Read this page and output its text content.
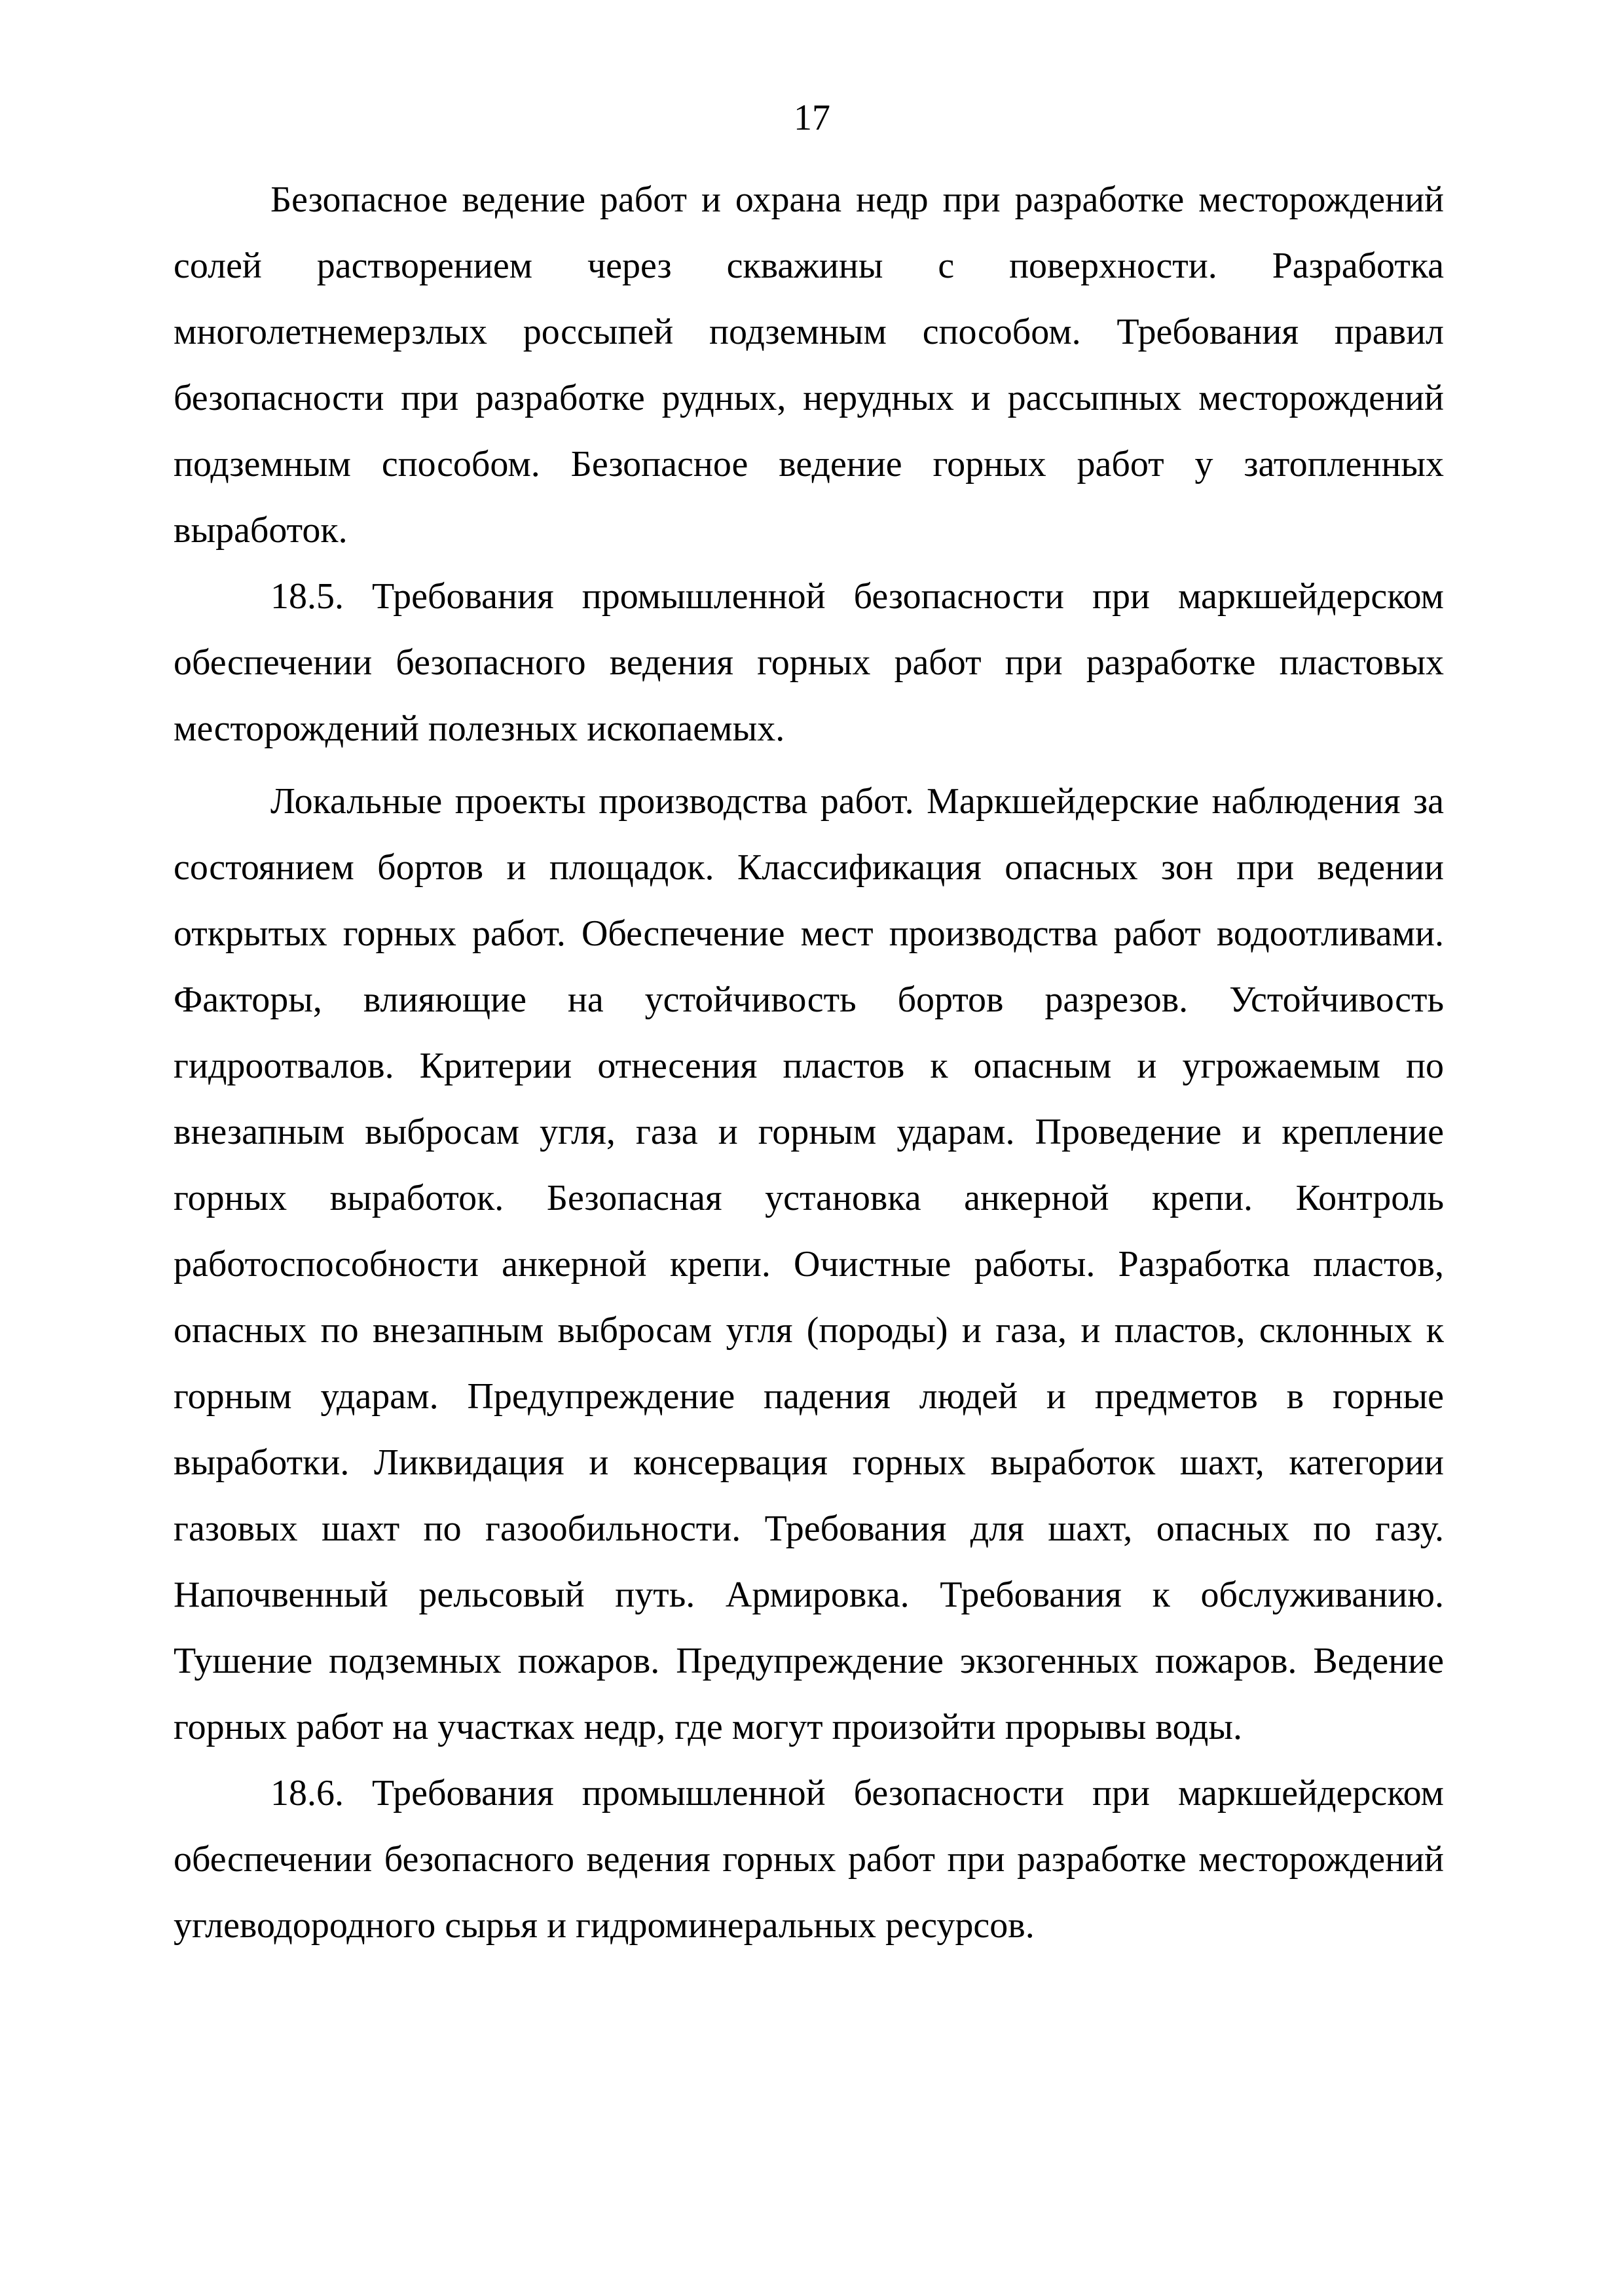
17

Безопасное ведение работ и охрана недр при разработке месторождений солей растворением через скважины с поверхности. Разработка многолетнемерзлых россыпей подземным способом. Требования правил безопасности при разработке рудных, нерудных и рассыпных месторождений подземным способом. Безопасное ведение горных работ у затопленных выработок.

18.5. Требования промышленной безопасности при маркшейдерском обеспечении безопасного ведения горных работ при разработке пластовых месторождений полезных ископаемых.

Локальные проекты производства работ. Маркшейдерские наблюдения за состоянием бортов и площадок. Классификация опасных зон при ведении открытых горных работ. Обеспечение мест производства работ водоотливами. Факторы, влияющие на устойчивость бортов разрезов. Устойчивость гидроотвалов. Критерии отнесения пластов к опасным и угрожаемым по внезапным выбросам угля, газа и горным ударам. Проведение и крепление горных выработок. Безопасная установка анкерной крепи. Контроль работоспособности анкерной крепи. Очистные работы. Разработка пластов, опасных по внезапным выбросам угля (породы) и газа, и пластов, склонных к горным ударам. Предупреждение падения людей и предметов в горные выработки. Ликвидация и консервация горных выработок шахт, категории газовых шахт по газообильности. Требования для шахт, опасных по газу. Напочвенный рельсовый путь. Армировка. Требования к обслуживанию. Тушение подземных пожаров. Предупреждение экзогенных пожаров. Ведение горных работ на участках недр, где могут произойти прорывы воды.

18.6. Требования промышленной безопасности при маркшейдерском обеспечении безопасного ведения горных работ при разработке месторождений углеводородного сырья и гидроминеральных ресурсов.
